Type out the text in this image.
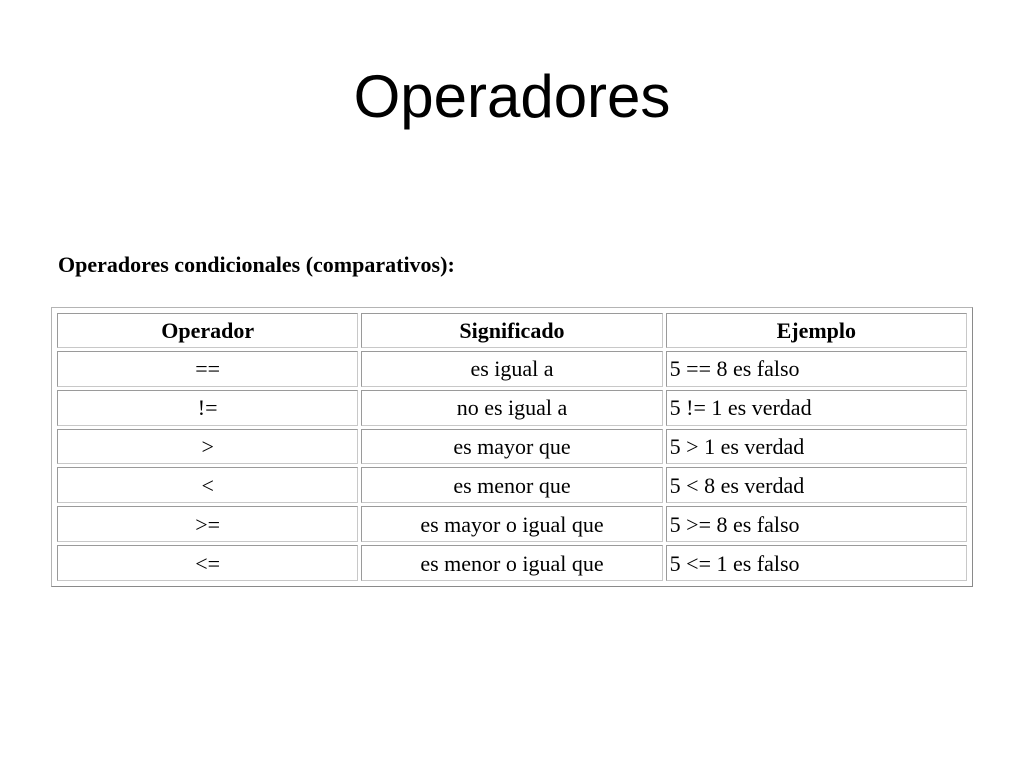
Operadores
Operadores condicionales (comparativos):
Operador	Significado	Ejemplo
==	es igual a	5 == 8 es falso
!=	no es igual a	5 != 1 es verdad
>	es mayor que	5 > 1 es verdad
<	es menor que	5 < 8 es verdad
>=	es mayor o igual que	5 >= 8 es falso
<=	es menor o igual que	5 <= 1 es falso
